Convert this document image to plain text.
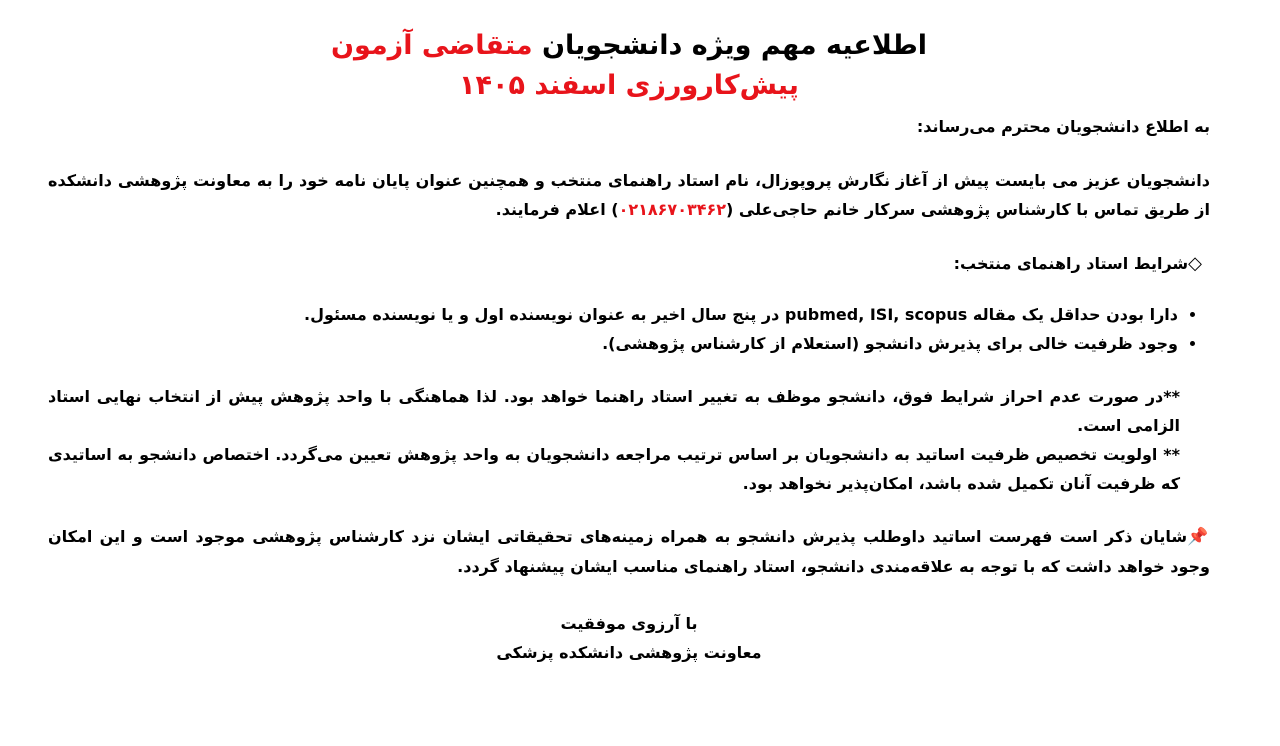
اطلاعیه مهم ویژه دانشجویان متقاضی آزمون
پیش‌کارورزی اسفند ۱۴۰۵
به اطلاع دانشجویان محترم می‌رساند:
دانشجویان عزیز می بایست پیش از آغاز نگارش پروپوزال، نام استاد راهنمای منتخب و همچنین عنوان پایان نامه خود را به معاونت پژوهشی دانشکده از طریق تماس با کارشناس پژوهشی سرکار خانم حاجی‌علی (۰۲۱۸۶۷۰۳۴۶۲) اعلام فرمایند.
◇شرایط استاد راهنمای منتخب:
• دارا بودن حداقل یک مقاله pubmed, ISI, scopus در پنج سال اخیر به عنوان نویسنده اول و یا نویسنده مسئول.
• وجود ظرفیت خالی برای پذیرش دانشجو (استعلام از کارشناس پژوهشی).
**در صورت عدم احراز شرایط فوق، دانشجو موظف به تغییر استاد راهنما خواهد بود. لذا هماهنگی با واحد پژوهش پیش از انتخاب نهایی استاد الزامی است.
** اولویت تخصیص ظرفیت اساتید به دانشجویان بر اساس ترتیب مراجعه دانشجویان به واحد پژوهش تعیین می‌گردد. اختصاص دانشجو به اساتیدی که ظرفیت آنان تکمیل شده باشد، امکان‌پذیر نخواهد بود.
📌شایان ذکر است فهرست اساتید داوطلب پذیرش دانشجو به همراه زمینه‌های تحقیقاتی ایشان نزد کارشناس پژوهشی موجود است و این امکان وجود خواهد داشت که با توجه به علاقه‌مندی دانشجو، استاد راهنمای مناسب ایشان پیشنهاد گردد.
با آرزوی موفقیت
معاونت پژوهشی دانشکده پزشکی
